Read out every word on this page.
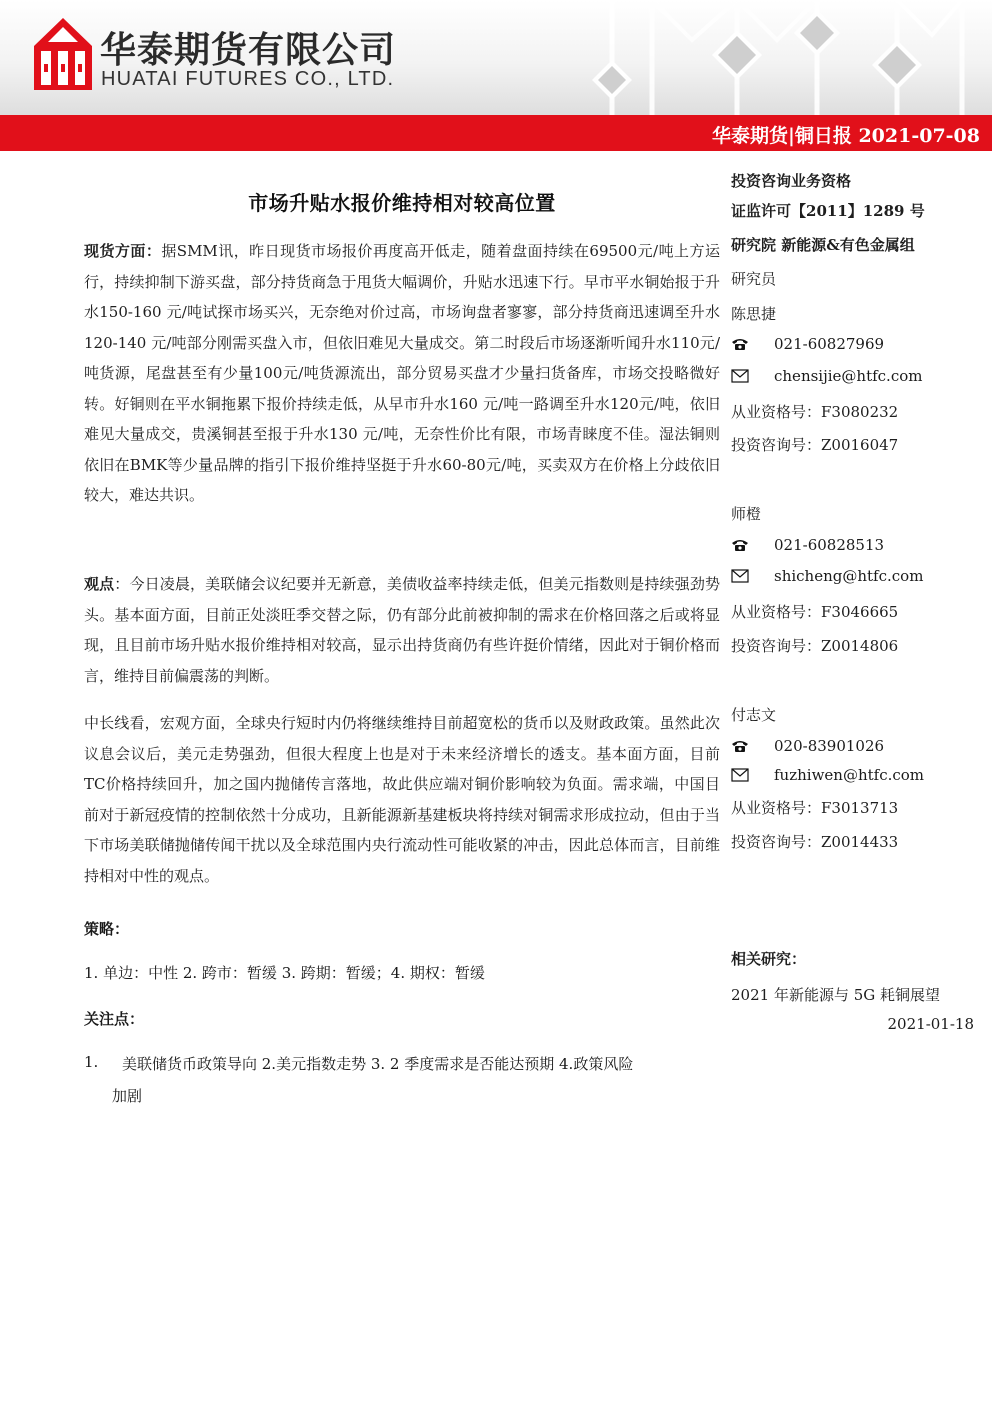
华泰期货有限公司
HUATAI FUTURES CO., LTD.
华泰期货|铜日报 2021-07-08
市场升贴水报价维持相对较高位置
现货方面：据SMM讯，昨日现货市场报价再度高开低走，随着盘面持续在69500元/吨上方运行，持续抑制下游买盘，部分持货商急于甩货大幅调价，升贴水迅速下行。早市平水铜始报于升水150-160 元/吨试探市场买兴，无奈绝对价过高，市场询盘者寥寥，部分持货商迅速调至升水120-140 元/吨部分刚需买盘入市，但依旧难见大量成交。第二时段后市场逐渐听闻升水110元/吨货源，尾盘甚至有少量100元/吨货源流出，部分贸易买盘才少量扫货备库，市场交投略微好转。好铜则在平水铜拖累下报价持续走低，从早市升水160 元/吨一路调至升水120元/吨，依旧难见大量成交，贵溪铜甚至报于升水130 元/吨，无奈性价比有限，市场青睐度不佳。湿法铜则依旧在BMK等少量品牌的指引下报价维持坚挺于升水60-80元/吨，买卖双方在价格上分歧依旧较大，难达共识。
观点：今日凌晨，美联储会议纪要并无新意，美债收益率持续走低，但美元指数则是持续强劲势头。基本面方面，目前正处淡旺季交替之际，仍有部分此前被抑制的需求在价格回落之后或将显现，且目前市场升贴水报价维持相对较高，显示出持货商仍有些许挺价情绪，因此对于铜价格而言，维持目前偏震荡的判断。
中长线看，宏观方面，全球央行短时内仍将继续维持目前超宽松的货币以及财政政策。虽然此次议息会议后，美元走势强劲，但很大程度上也是对于未来经济增长的透支。基本面方面，目前TC价格持续回升，加之国内抛储传言落地，故此供应端对铜价影响较为负面。需求端，中国目前对于新冠疫情的控制依然十分成功，且新能源新基建板块将持续对铜需求形成拉动，但由于当下市场美联储抛储传闻干扰以及全球范围内央行流动性可能收紧的冲击，因此总体而言，目前维持相对中性的观点。
策略：
1. 单边：中性 2. 跨市：暂缓 3. 跨期：暂缓；4. 期权：暂缓
关注点：
1. 美联储货币政策导向 2.美元指数走势 3. 2 季度需求是否能达预期 4.政策风险
加剧
投资咨询业务资格
证监许可【2011】1289 号
研究院 新能源&有色金属组
研究员
陈思捷
021-60827969
chensijie@htfc.com
从业资格号：F3080232
投资咨询号：Z0016047
师橙
021-60828513
shicheng@htfc.com
从业资格号：F3046665
投资咨询号：Z0014806
付志文
020-83901026
fuzhiwen@htfc.com
从业资格号：F3013713
投资咨询号：Z0014433
相关研究：
2021 年新能源与 5G 耗铜展望
2021-01-18
